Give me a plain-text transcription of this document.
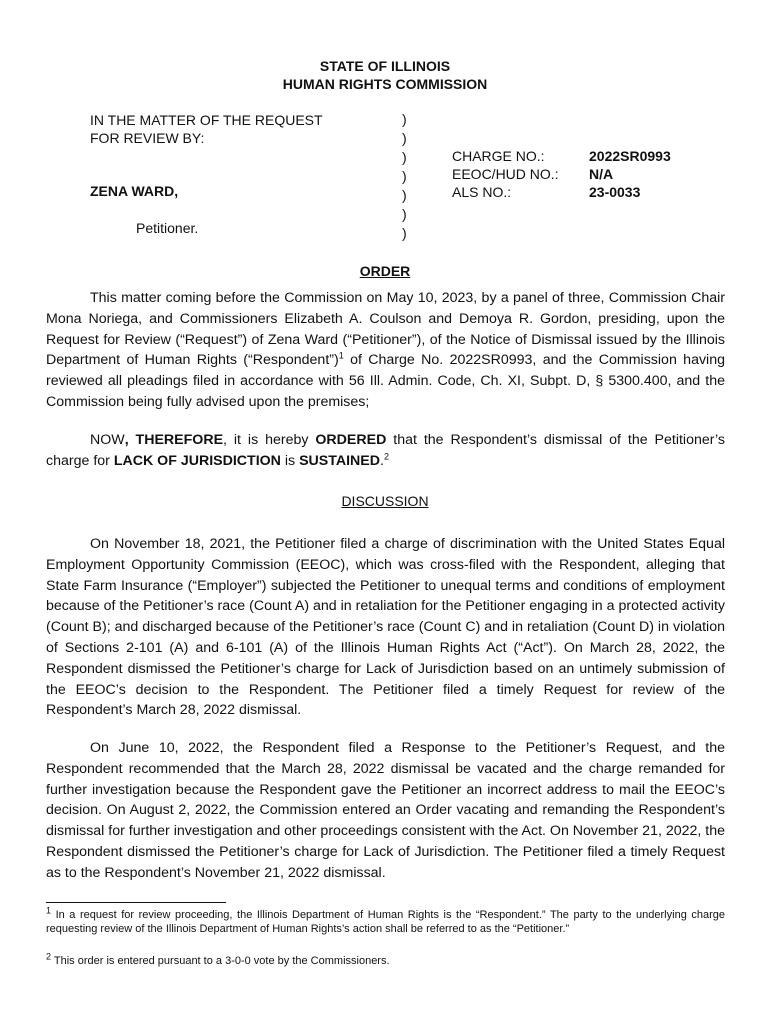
STATE OF ILLINOIS
HUMAN RIGHTS COMMISSION
IN THE MATTER OF THE REQUEST
FOR REVIEW BY:
ZENA WARD,
Petitioner.
)
)
)
)
)
)
)
CHARGE NO.:	2022SR0993
EEOC/HUD NO.: N/A
ALS NO.:	23-0033
ORDER

This matter coming before the Commission on May 10, 2023, by a panel of three, Commission Chair Mona Noriega, and Commissioners Elizabeth A. Coulson and Demoya R. Gordon, presiding, upon the Request for Review (“Request”) of Zena Ward (“Petitioner”), of the Notice of Dismissal issued by the Illinois Department of Human Rights (“Respondent”)$^1$ of Charge No. 2022SR0993, and the Commission having reviewed all pleadings filed in accordance with 56 Ill. Admin. Code, Ch. XI, Subpt. D, § 5300.400, and the Commission being fully advised upon the premises;

NOW, THEREFORE, it is hereby ORDERED that the Respondent’s dismissal of the Petitioner’s charge for LACK OF JURISDICTION is SUSTAINED.$^2$

DISCUSSION

On November 18, 2021, the Petitioner filed a charge of discrimination with the United States Equal Employment Opportunity Commission (EEOC), which was cross-filed with the Respondent, alleging that State Farm Insurance (“Employer”) subjected the Petitioner to unequal terms and conditions of employment because of the Petitioner’s race (Count A) and in retaliation for the Petitioner engaging in a protected activity (Count B); and discharged because of the Petitioner’s race (Count C) and in retaliation (Count D) in violation of Sections 2-101 (A) and 6-101 (A) of the Illinois Human Rights Act (“Act”). On March 28, 2022, the Respondent dismissed the Petitioner’s charge for Lack of Jurisdiction based on an untimely submission of the EEOC’s decision to the Respondent. The Petitioner filed a timely Request for review of the Respondent’s March 28, 2022 dismissal.

On June 10, 2022, the Respondent filed a Response to the Petitioner’s Request, and the Respondent recommended that the March 28, 2022 dismissal be vacated and the charge remanded for further investigation because the Respondent gave the Petitioner an incorrect address to mail the EEOC’s decision. On August 2, 2022, the Commission entered an Order vacating and remanding the Respondent’s dismissal for further investigation and other proceedings consistent with the Act. On November 21, 2022, the Respondent dismissed the Petitioner’s charge for Lack of Jurisdiction. The Petitioner filed a timely Request as to the Respondent’s November 21, 2022 dismissal.

$^1$ In a request for review proceeding, the Illinois Department of Human Rights is the “Respondent.” The party to the underlying charge requesting review of the Illinois Department of Human Rights’s action shall be referred to as the “Petitioner.”

$^2$ This order is entered pursuant to a 3-0-0 vote by the Commissioners.
